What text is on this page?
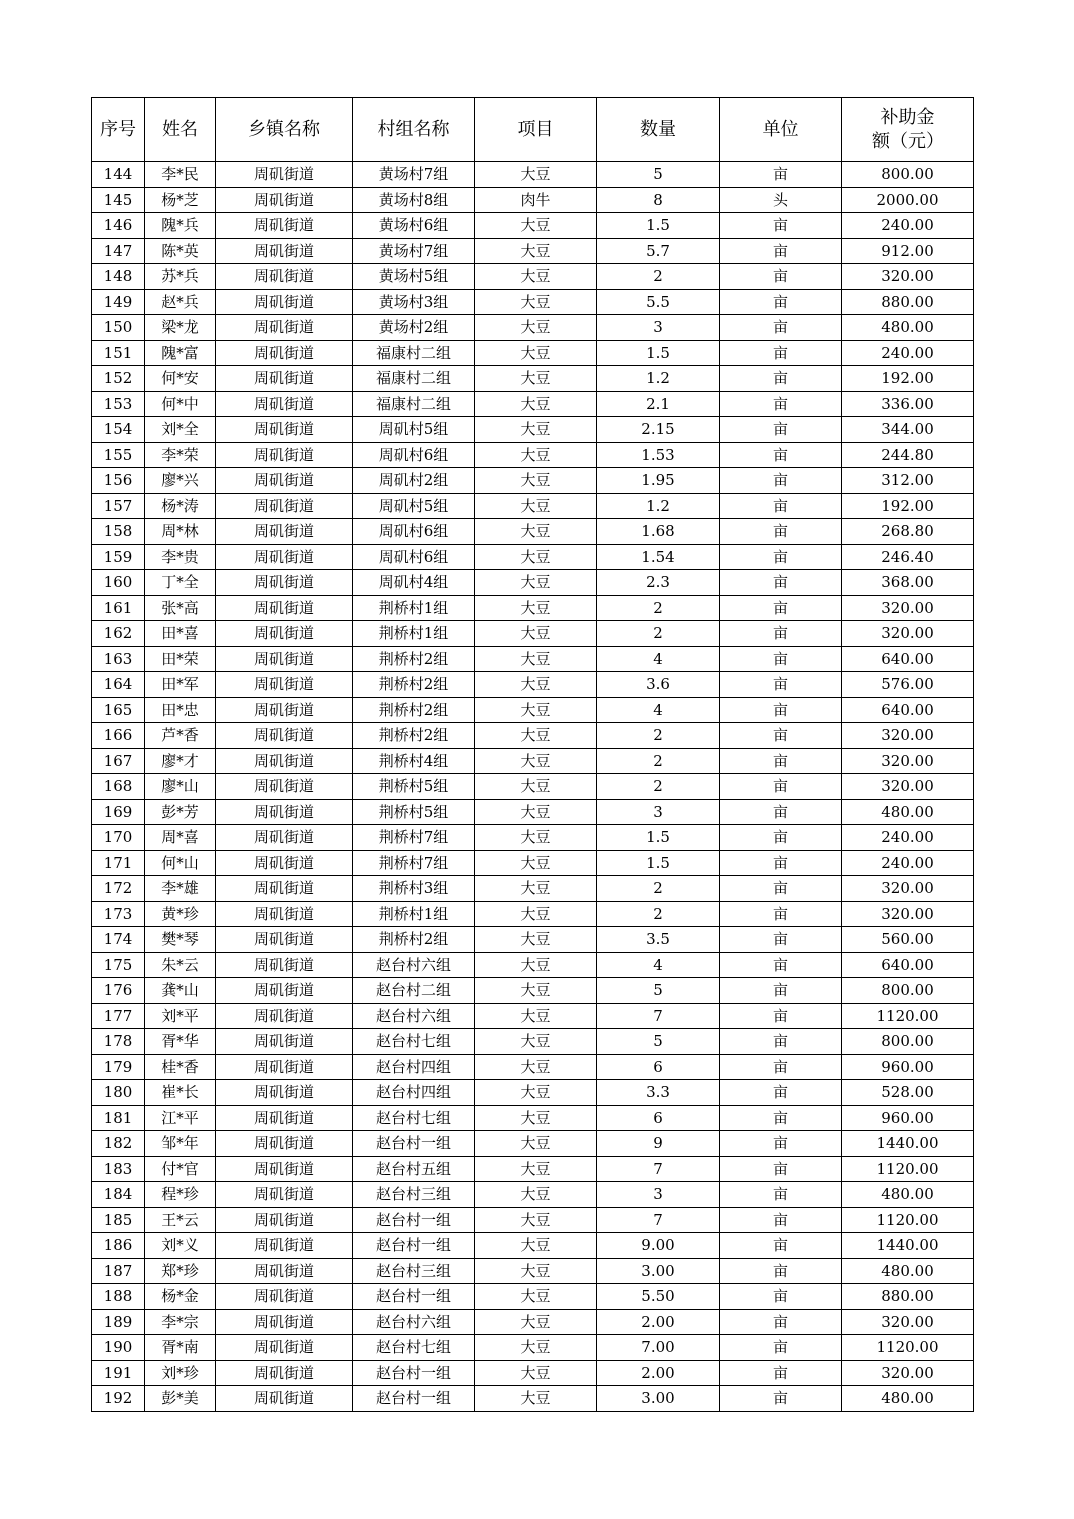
序号	姓名	乡镇名称	村组名称	项目	数量	单位	补助金额（元）
144	李*民	周矶街道	黄场村7组	大豆	5	亩	800.00
145	杨*芝	周矶街道	黄场村8组	肉牛	8	头	2000.00
146	隗*兵	周矶街道	黄场村6组	大豆	1.5	亩	240.00
147	陈*英	周矶街道	黄场村7组	大豆	5.7	亩	912.00
148	苏*兵	周矶街道	黄场村5组	大豆	2	亩	320.00
149	赵*兵	周矶街道	黄场村3组	大豆	5.5	亩	880.00
150	梁*龙	周矶街道	黄场村2组	大豆	3	亩	480.00
151	隗*富	周矶街道	福康村二组	大豆	1.5	亩	240.00
152	何*安	周矶街道	福康村二组	大豆	1.2	亩	192.00
153	何*中	周矶街道	福康村二组	大豆	2.1	亩	336.00
154	刘*全	周矶街道	周矶村5组	大豆	2.15	亩	344.00
155	李*荣	周矶街道	周矶村6组	大豆	1.53	亩	244.80
156	廖*兴	周矶街道	周矶村2组	大豆	1.95	亩	312.00
157	杨*涛	周矶街道	周矶村5组	大豆	1.2	亩	192.00
158	周*林	周矶街道	周矶村6组	大豆	1.68	亩	268.80
159	李*贵	周矶街道	周矶村6组	大豆	1.54	亩	246.40
160	丁*全	周矶街道	周矶村4组	大豆	2.3	亩	368.00
161	张*高	周矶街道	荆桥村1组	大豆	2	亩	320.00
162	田*喜	周矶街道	荆桥村1组	大豆	2	亩	320.00
163	田*荣	周矶街道	荆桥村2组	大豆	4	亩	640.00
164	田*军	周矶街道	荆桥村2组	大豆	3.6	亩	576.00
165	田*忠	周矶街道	荆桥村2组	大豆	4	亩	640.00
166	芦*香	周矶街道	荆桥村2组	大豆	2	亩	320.00
167	廖*才	周矶街道	荆桥村4组	大豆	2	亩	320.00
168	廖*山	周矶街道	荆桥村5组	大豆	2	亩	320.00
169	彭*芳	周矶街道	荆桥村5组	大豆	3	亩	480.00
170	周*喜	周矶街道	荆桥村7组	大豆	1.5	亩	240.00
171	何*山	周矶街道	荆桥村7组	大豆	1.5	亩	240.00
172	李*雄	周矶街道	荆桥村3组	大豆	2	亩	320.00
173	黄*珍	周矶街道	荆桥村1组	大豆	2	亩	320.00
174	樊*琴	周矶街道	荆桥村2组	大豆	3.5	亩	560.00
175	朱*云	周矶街道	赵台村六组	大豆	4	亩	640.00
176	龚*山	周矶街道	赵台村二组	大豆	5	亩	800.00
177	刘*平	周矶街道	赵台村六组	大豆	7	亩	1120.00
178	胥*华	周矶街道	赵台村七组	大豆	5	亩	800.00
179	桂*香	周矶街道	赵台村四组	大豆	6	亩	960.00
180	崔*长	周矶街道	赵台村四组	大豆	3.3	亩	528.00
181	江*平	周矶街道	赵台村七组	大豆	6	亩	960.00
182	邹*年	周矶街道	赵台村一组	大豆	9	亩	1440.00
183	付*官	周矶街道	赵台村五组	大豆	7	亩	1120.00
184	程*珍	周矶街道	赵台村三组	大豆	3	亩	480.00
185	王*云	周矶街道	赵台村一组	大豆	7	亩	1120.00
186	刘*义	周矶街道	赵台村一组	大豆	9.00	亩	1440.00
187	郑*珍	周矶街道	赵台村三组	大豆	3.00	亩	480.00
188	杨*金	周矶街道	赵台村一组	大豆	5.50	亩	880.00
189	李*宗	周矶街道	赵台村六组	大豆	2.00	亩	320.00
190	胥*南	周矶街道	赵台村七组	大豆	7.00	亩	1120.00
191	刘*珍	周矶街道	赵台村一组	大豆	2.00	亩	320.00
192	彭*美	周矶街道	赵台村一组	大豆	3.00	亩	480.00
